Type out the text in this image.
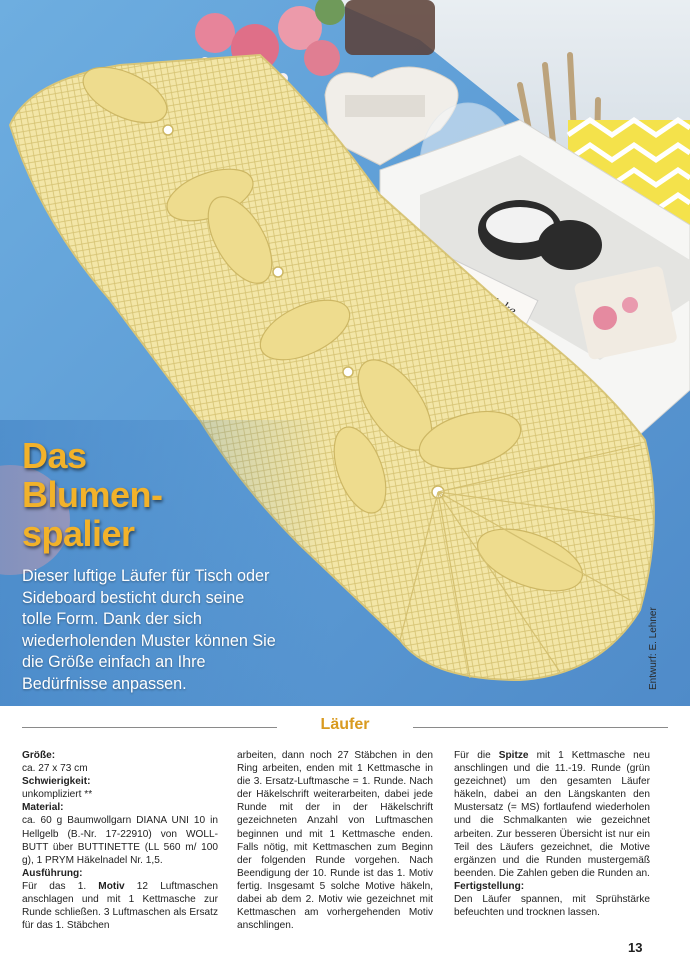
Das
Blumen-
spalier

Dieser luftige Läufer für Tisch oder Sideboard besticht durch seine tolle Form. Dank der sich wiederholenden Muster können Sie die Größe einfach an Ihre Bedürfnisse anpassen.	Entwurf: E. Lehner
Läufer
Größe:

ca. 27 x 73 cm

Schwierigkeit:

unkompliziert **

Material:

ca. 60 g Baumwollgarn DIANA UNI 10 in Hellgelb (B.-Nr. 17-22910) von WOLL-BUTT über BUTTINETTE (LL 560 m/ 100 g), 1 PRYM Häkelnadel Nr. 1,5.

Ausführung:

Für das 1. Motiv 12 Luftmaschen anschlagen und mit 1 Kettmasche zur Runde schließen. 3 Luftmaschen als Ersatz für das 1. Stäbchen

arbeiten, dann noch 27 Stäbchen in den Ring arbeiten, enden mit 1 Kettmasche in die 3. Ersatz-Luftmasche = 1. Runde. Nach der Häkelschrift weiterarbeiten, dabei jede Runde mit der in der Häkelschrift gezeichneten Anzahl von Luftmaschen beginnen und mit 1 Kettmasche enden. Falls nötig, mit Kettmaschen zum Beginn der folgenden Runde vorgehen. Nach Beendigung der 10. Runde ist das 1. Motiv fertig. Insgesamt 5 solche Motive häkeln, dabei ab dem 2. Motiv wie gezeichnet mit Kettmaschen am vorhergehenden Motiv anschlingen.

Für die Spitze mit 1 Kettmasche neu anschlingen und die 11.-19. Runde (grün gezeichnet) um den gesamten Läufer häkeln, dabei an den Längskanten den Mustersatz (= MS) fortlaufend wiederholen und die Schmalkanten wie gezeichnet arbeiten. Zur besseren Übersicht ist nur ein Teil des Läufers gezeichnet, die Motive ergänzen und die Runden mustergemäß beenden. Die Zahlen geben die Runden an.

Fertigstellung:

Den Läufer spannen, mit Sprühstärke befeuchten und trocknen lassen.

13
